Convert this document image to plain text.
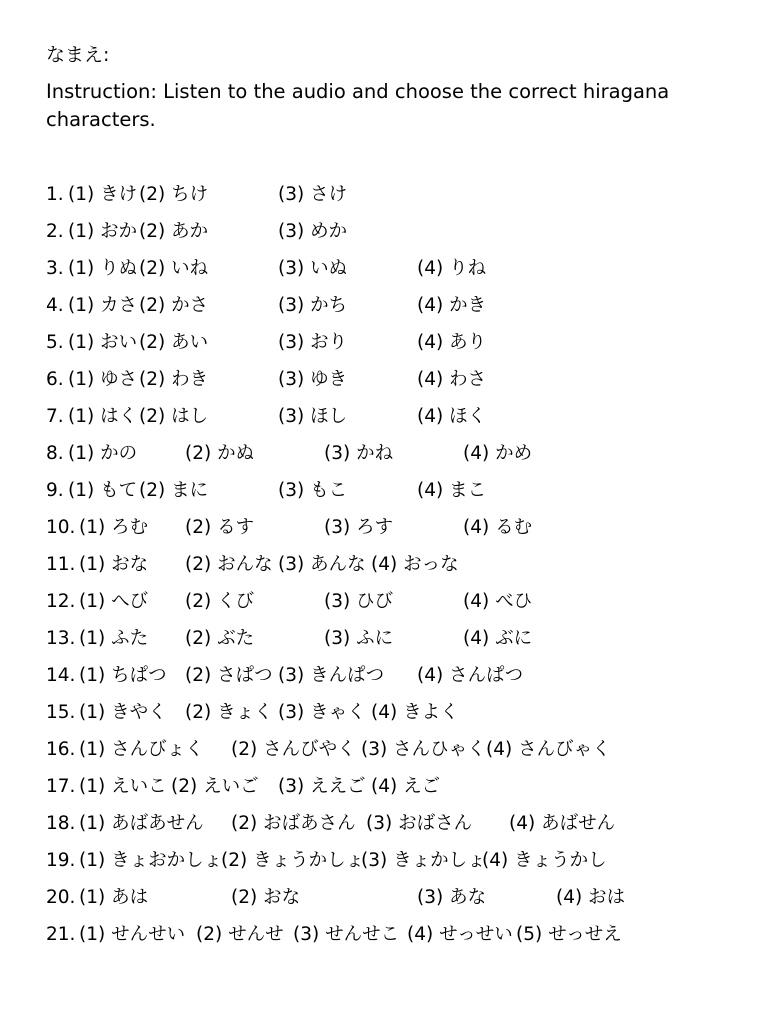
なまえ:
Instruction: Listen to the audio and choose the correct hiragana characters.
1. (1) きけ (2) ちけ	(3) さけ
2. (1) おか (2) あか	(3) めか
3. (1) りぬ (2) いね	(3) いぬ	(4) りね
4. (1) カさ (2) かさ	(3) かち	(4) かき
5. (1) おい (2) あい	(3) おり	(4) あり
6. (1) ゆさ (2) わき	(3) ゆき	(4) わさ
7. (1) はく (2) はし	(3) ほし	(4) ほく
8. (1) かの	(2) かぬ	(3) かね	(4) かめ
9. (1) もて (2) まに	(3) もこ	(4) まこ
10. (1) ろむ (2) るす	(3) ろす	(4) るむ
11. (1) おな (2) おんな (3) あんな (4) おっな
12. (1) へび (2) くび	(3) ひび	(4) べひ
13. (1) ふた (2) ぶた	(3) ふに	(4) ぶに
14. (1) ちぱつ (2) さぱつ (3) きんぱつ (4) さんぱつ
15. (1) きやく (2) きょく (3) きゃく (4) きよく
16. (1) さんびょく (2) さんびやく (3) さんひゃく (4) さんびゃく
17. (1) えいこ (2) えいご (3) ええご (4) えご
18. (1) あばあせん (2) おばあさん (3) おばさん (4) あばせん
19. (1) きょおかしょ
(2) きょうかしょ
(3) きょかしょ
(4) きょうかし
20. (1) あは	(2) おな	(3) あな	(4) おは
21. (1) せんせい (2) せんせ (3) せんせこ (4) せっせい (5) せっせえ
